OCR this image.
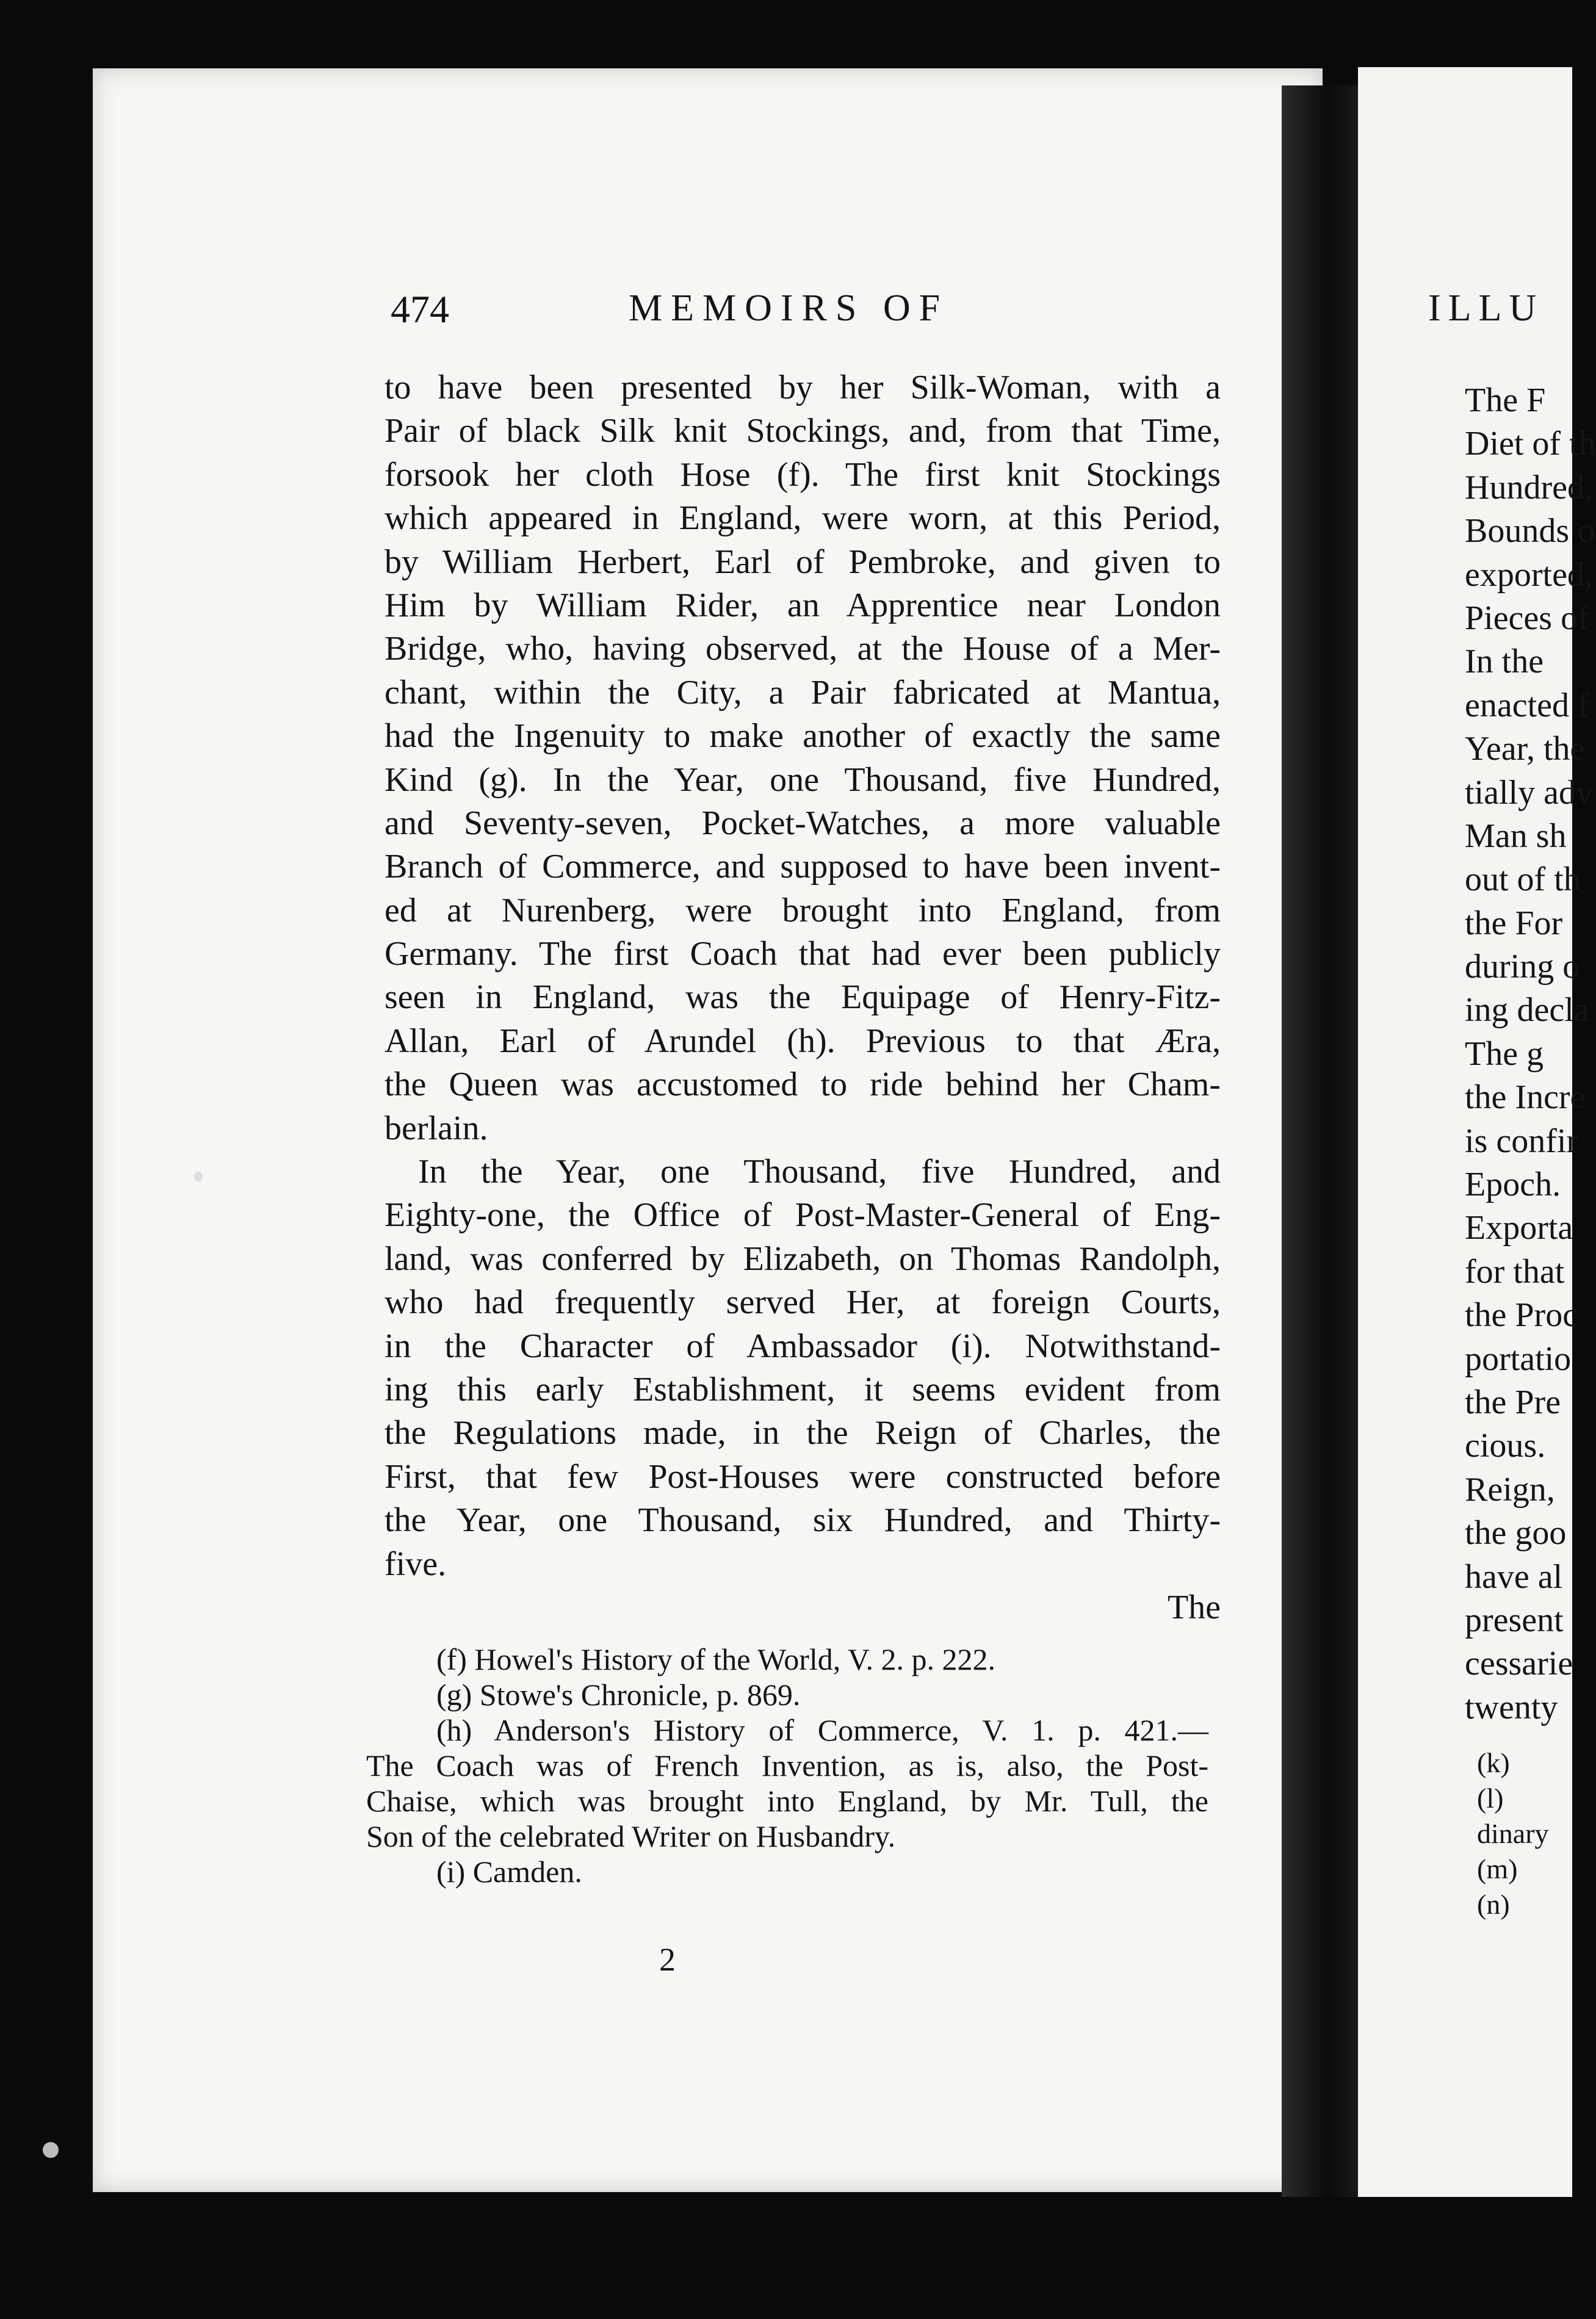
474	MEMOIRS OF
to have been presented by her Silk-Woman, with a
Pair of black Silk knit Stockings, and, from that Time,
forsook her cloth Hose (f). The first knit Stockings
which appeared in England, were worn, at this Period,
by William Herbert, Earl of Pembroke, and given to
Him by William Rider, an Apprentice near London
Bridge, who, having observed, at the House of a Mer-
chant, within the City, a Pair fabricated at Mantua,
had the Ingenuity to make another of exactly the same
Kind (g). In the Year, one Thousand, five Hundred,
and Seventy-seven, Pocket-Watches, a more valuable
Branch of Commerce, and supposed to have been invent-
ed at Nurenberg, were brought into England, from
Germany. The first Coach that had ever been publicly
seen in England, was the Equipage of Henry-Fitz-
Allan, Earl of Arundel (h). Previous to that Æra,
the Queen was accustomed to ride behind her Cham-
berlain.
In the Year, one Thousand, five Hundred, and
Eighty-one, the Office of Post-Master-General of Eng-
land, was conferred by Elizabeth, on Thomas Randolph,
who had frequently served Her, at foreign Courts,
in the Character of Ambassador (i). Notwithstand-
ing this early Establishment, it seems evident from
the Regulations made, in the Reign of Charles, the
First, that few Post-Houses were constructed before
the Year, one Thousand, six Hundred, and Thirty-
five.
The
(f) Howel's History of the World, V. 2. p. 222.
(g) Stowe's Chronicle, p. 869.
(h) Anderson's History of Commerce, V. 1. p. 421.—
The Coach was of French Invention, as is, also, the Post-
Chaise, which was brought into England, by Mr. Tull, the
Son of the celebrated Writer on Husbandry.
(i) Camden.
2
ILLU
The F
Diet of th
Hundred,
Bounds o
exported,
Pieces of
In the
enacted f
Year, the
tially adv
Man sh
out of th
the For
during o
ing decla
The g
the Incre
is confir
Epoch.
Exporta
for that
the Proc
portatio
the Pre
cious.
Reign,
the goo
have al
present
cessarie
twenty
(k)
(l)
dinary
(m)
(n)
